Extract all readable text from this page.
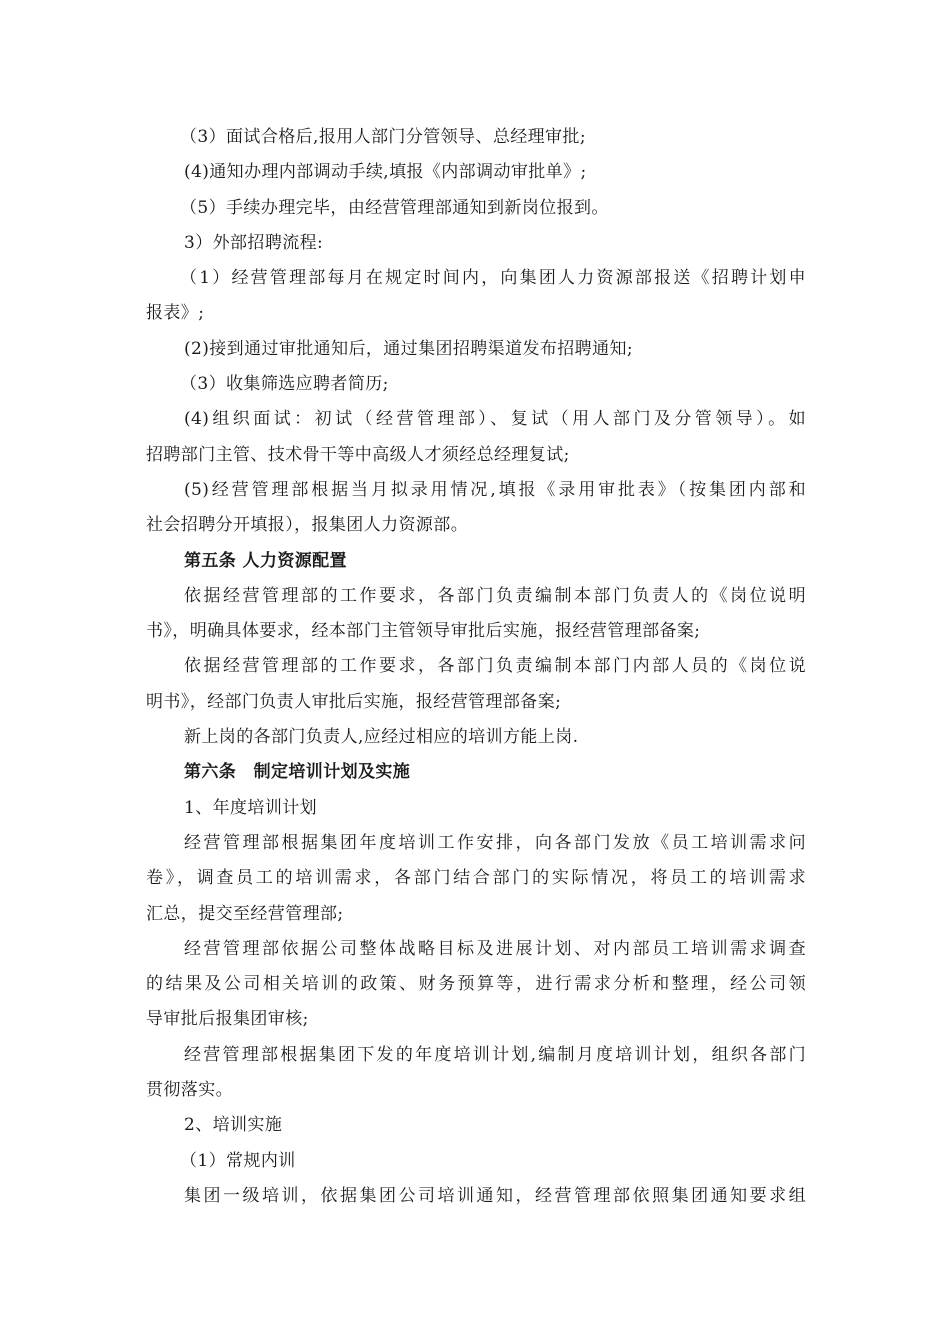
（3）面试合格后,报用人部门分管领导、总经理审批;
(4)通知办理内部调动手续,填报《内部调动审批单》;
（5）手续办理完毕，由经营管理部通知到新岗位报到。
3）外部招聘流程:
（1）经营管理部每月在规定时间内，向集团人力资源部报送《招聘计划申
报表》;
(2)接到通过审批通知后，通过集团招聘渠道发布招聘通知;
（3）收集筛选应聘者简历;
(4)组织面试：初试（经营管理部）、复试（用人部门及分管领导）。如
招聘部门主管、技术骨干等中高级人才须经总经理复试;
(5)经营管理部根据当月拟录用情况,填报《录用审批表》（按集团内部和
社会招聘分开填报），报集团人力资源部。
第五条 人力资源配置
依据经营管理部的工作要求，各部门负责编制本部门负责人的《岗位说明
书》，明确具体要求，经本部门主管领导审批后实施，报经营管理部备案;
依据经营管理部的工作要求，各部门负责编制本部门内部人员的《岗位说
明书》，经部门负责人审批后实施，报经营管理部备案;
新上岗的各部门负责人,应经过相应的培训方能上岗.
第六条　制定培训计划及实施
1、年度培训计划
经营管理部根据集团年度培训工作安排，向各部门发放《员工培训需求问
卷》，调查员工的培训需求，各部门结合部门的实际情况，将员工的培训需求
汇总，提交至经营管理部;
经营管理部依据公司整体战略目标及进展计划、对内部员工培训需求调查
的结果及公司相关培训的政策、财务预算等，进行需求分析和整理，经公司领
导审批后报集团审核;
经营管理部根据集团下发的年度培训计划,编制月度培训计划，组织各部门
贯彻落实。
2、培训实施
（1）常规内训
集团一级培训，依据集团公司培训通知，经营管理部依照集团通知要求组
